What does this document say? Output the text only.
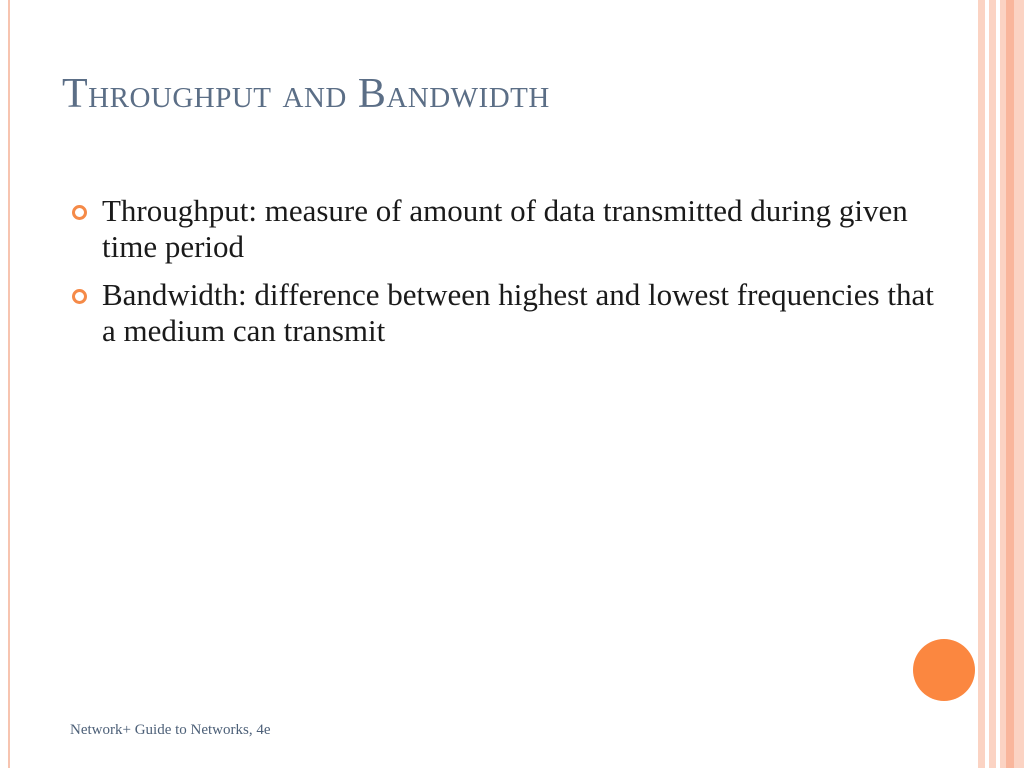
Throughput and Bandwidth
Throughput: measure of amount of data transmitted during given time period
Bandwidth: difference between highest and lowest frequencies that a medium can transmit
Network+ Guide to Networks, 4e
